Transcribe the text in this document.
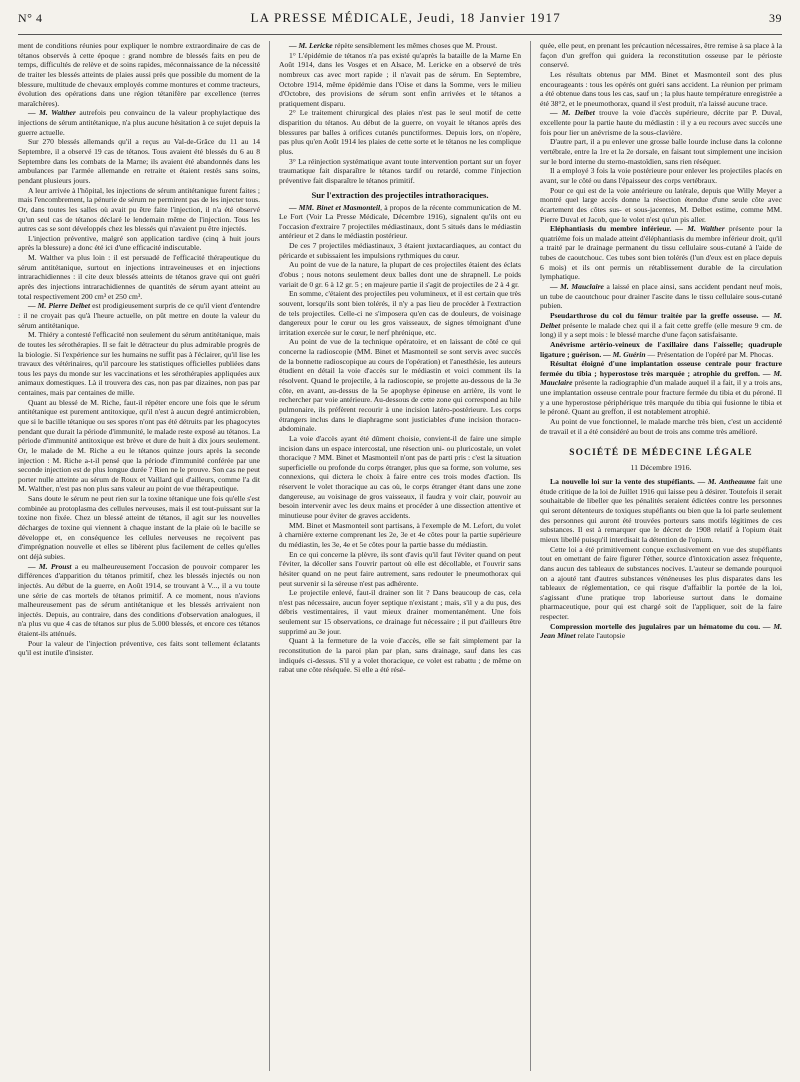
N° 4	LA PRESSE MÉDICALE, Jeudi, 18 Janvier 1917	39

ment de conditions réunies pour expliquer le nombre extraordinaire de cas de tétanos observés à cette époque : grand nombre de blessés faits en peu de temps, difficultés de relève et de soins rapides, méconnaissance de la nécessité de traiter les blessés atteints de plaies aussi près que possible du moment de la blessure, multitude de chevaux employés comme montures et comme tracteurs, évolution des opérations dans une région tétanifère par excellence (terres maraîchères).

— M. Walther autrefois peu convaincu de la valeur prophylactique des injections de sérum antitétanique, n'a plus aucune hésitation à ce sujet depuis la guerre actuelle.

Sur 270 blessés allemands qu'il a reçus au Val-de-Grâce du 11 au 14 Septembre, il a observé 19 cas de tétanos. Tous avaient été blessés du 6 au 8 Septembre dans les combats de la Marne; ils avaient été abandonnés dans les ambulances par l'armée allemande en retraite et étaient restés sans soins, pendant plusieurs jours.

A leur arrivée à l'hôpital, les injections de sérum antitétanique furent faites ; mais l'encombrement, la pénurie de sérum ne permirent pas de les injecter tous. Or, dans toutes les salles où avait pu être faite l'injection, il n'a été observé qu'un seul cas de tétanos déclaré le lendemain même de l'injection. Tous les autres cas se sont développés chez les blessés qui n'avaient pu être injectés.

L'injection préventive, malgré son application tardive (cinq à huit jours après la blessure) a donc été ici d'une efficacité indiscutable.

M. Walther va plus loin : il est persuadé de l'efficacité thérapeutique du sérum antitétanique, surtout en injections intraveineuses et en injections intrarachidiennes : il cite deux blessés atteints de tétanos grave qui ont guéri après des injections intrarachidiennes de quantités de sérum ayant atteint au total respectivement 200 cm³ et 250 cm³.

— M. Pierre Delbet est prodigieusement surpris de ce qu'il vient d'entendre : il ne croyait pas qu'à l'heure actuelle, on pût mettre en doute la valeur du sérum antitétanique.

M. Thiéry a contesté l'efficacité non seulement du sérum antitétanique, mais de toutes les sérothérapies. Il se fait le détracteur du plus admirable progrès de la biologie. Si l'expérience sur les humains ne suffit pas à l'éclairer, qu'il lise les travaux des vétérinaires, qu'il parcoure les statistiques officielles publiées dans tous les pays du monde sur les vaccinations et les sérothérapies appliquées aux animaux domestiques. Là il trouvera des cas, non pas par dizaines, non pas par centaines, mais par centaines de mille.

Quant au blessé de M. Riche, faut-il répéter encore une fois que le sérum antitétanique est purement antitoxique, qu'il n'est à aucun degré antimicrobien, que si le bacille tétanique ou ses spores n'ont pas été détruits par les phagocytes pendant que durait la période d'immunité, le malade reste exposé au tétanos. La période d'immunité antitoxique est brève et dure de huit à dix jours seulement. Or, le malade de M. Riche a eu le tétanos quinze jours après la seconde injection : M. Riche a-t-il pensé que la période d'immunité conférée par une seconde injection est de plus longue durée ? Rien ne le prouve. Son cas ne peut porter nulle atteinte au sérum de Roux et Vaillard qui d'ailleurs, comme l'a dit M. Walther, n'est pas non plus sans valeur au point de vue thérapeutique.

Sans doute le sérum ne peut rien sur la toxine tétanique une fois qu'elle s'est combinée au protoplasma des cellules nerveuses, mais il est tout-puissant sur la toxine non fixée. Chez un blessé atteint de tétanos, il agit sur les nouvelles décharges de toxine qui viennent à chaque instant de la plaie où le bacille se développe et, en conséquence les cellules nerveuses ne reçoivent pas d'imprégnation nouvelle et elles se libèrent plus facilement de celles qu'elles ont déjà subies.

— M. Proust a eu malheureusement l'occasion de pouvoir comparer les différences d'apparition du tétanos primitif, chez les blessés injectés ou non injectés. Au début de la guerre, en Août 1914, se trouvant à V..., il a vu toute une série de cas mortels de tétanos primitif. A ce moment, nous n'avions malheureusement pas de sérum antitétanique et les blessés arrivaient non injectés. Depuis, au contraire, dans des conditions d'observation analogues, il n'a plus vu que 4 cas de tétanos sur plus de 5.000 blessés, et encore ces tétanos étaient-ils atténués.

Pour la valeur de l'injection préventive, ces faits sont tellement éclatants qu'il est inutile d'insister.

— M. Lericke répète sensiblement les mêmes choses que M. Proust.

1° L'épidémie de tétanos n'a pas existé qu'après la bataille de la Marne En Août 1914, dans les Vosges et en Alsace, M. Lericke en a observé de très nombreux cas avec mort rapide ; il n'avait pas de sérum. En Septembre, Octobre 1914, même épidémie dans l'Oise et dans la Somme, vers le milieu d'Octobre, des provisions de sérum sont enfin arrivées et le tétanos a pratiquement disparu.

2° Le traitement chirurgical des plaies n'est pas le seul motif de cette disparition du tétanos. Au début de la guerre, on voyait le tétanos après des blessures par balles à orifices cutanés punctiformes. Depuis lors, on n'opère, pas plus qu'en Août 1914 les plaies de cette sorte et le tétanos ne les complique plus.

3° La réinjection systématique avant toute intervention portant sur un foyer traumatique fait disparaître le tétanos tardif ou retardé, comme l'injection préventive fait disparaître le tétanos primitif.

Sur l'extraction des projectiles intrathoraciques.

— MM. Binet et Masmonteil, à propos de la récente communication de M. Le Fort (Voir La Presse Médicale, Décembre 1916), signalent qu'ils ont eu l'occasion d'extraire 7 projectiles médiastinaux, dont 5 situés dans le médiastin antérieur et 2 dans le médiastin postérieur.

De ces 7 projectiles médiastinaux, 3 étaient juxtacardiaques, au contact du péricarde et subissaient les impulsions rythmiques du cœur.

Au point de vue de la nature, la plupart de ces projectiles étaient des éclats d'obus ; nous notons seulement deux balles dont une de shrapnell. Le poids variait de 0 gr. 6 à 12 gr. 5 ; en majeure partie il s'agit de projectiles de 2 à 4 gr.

En somme, c'étaient des projectiles peu volumineux, et il est certain que très souvent, lorsqu'ils sont bien tolérés, il n'y a pas lieu de procéder à l'extraction de tels projectiles. Celle-ci ne s'imposera qu'en cas de douleurs, de voisinage dangereux pour le cœur ou les gros vaisseaux, de signes témoignant d'une irritation exercée sur le cœur, le nerf phrénique, etc.

Au point de vue de la technique opératoire, et en laissant de côté ce qui concerne la radioscopie (MM. Binet et Masmonteil se sont servis avec succès de la bonnette radioscopique au cours de l'opération) et l'anesthésie, les auteurs étudient en détail la voie d'accès sur le médiastin et voici comment ils la résolvent. Quand le projectile, à la radioscopie, se projette au-dessous de la 3e côte, en avant, au-dessus de la 5e apophyse épineuse en arrière, ils vont le rechercher par voie antérieure. Au-dessous de cette zone qui correspond au hile pulmonaire, ils préfèrent recourir à une incision latéro-postérieure. Les corps étrangers inclus dans le diaphragme sont justiciables d'une incision thoraco-abdominale.

La voie d'accès ayant été dûment choisie, convient-il de faire une simple incision dans un espace intercostal, une résection uni- ou pluricostale, un volet thoracique ? MM. Binet et Masmonteil n'ont pas de parti pris : c'est la situation superficielle ou profonde du corps étranger, plus que sa forme, son volume, ses connexions, qui dictera le choix à faire entre ces trois modes d'action. Ils réservent le volet thoracique au cas où, le corps étranger étant dans une zone dangereuse, au voisinage de gros vaisseaux, il faudra y voir clair, pouvoir au besoin intervenir avec les deux mains et procéder à une dissection attentive et minutieuse pour éviter de graves accidents.

MM. Binet et Masmonteil sont partisans, à l'exemple de M. Lefort, du volet à charnière externe comprenant les 2e, 3e et 4e côtes pour la partie supérieure du médiastin, les 3e, 4e et 5e côtes pour la partie basse du médiastin.

En ce qui concerne la plèvre, ils sont d'avis qu'il faut l'éviter quand on peut l'éviter, la décoller sans l'ouvrir partout où elle est décollable, et l'ouvrir sans hésiter quand on ne peut faire autrement, sans redouter le pneumothorax qui peut survenir si la séreuse n'est pas adhérente.

Le projectile enlevé, faut-il drainer son lit ? Dans beaucoup de cas, cela n'est pas nécessaire, aucun foyer septique n'existant ; mais, s'il y a du pus, des débris vestimentaires, il vaut mieux drainer momentanément. Une fois seulement sur 15 observations, ce drainage fut nécessaire ; il put d'ailleurs être supprimé au 3e jour.

Quant à la fermeture de la voie d'accès, elle se fait simplement par la reconstitution de la paroi plan par plan, sans drainage, sauf dans les cas indiqués ci-dessus. S'il y a volet thoracique, ce volet est rabattu ; de même on rabat une côte réséquée. Si elle a été résé-

quée, elle peut, en prenant les précaution nécessaires, être remise à sa place à la façon d'un greffon qui guidera la reconstitution osseuse par le périoste conservé.

Les résultats obtenus par MM. Binet et Masmonteil sont des plus encourageants : tous les opérés ont guéri sans accident. La réunion per primam a été obtenue dans tous les cas, sauf un ; la plus haute température enregistrée a été 38°2, et le pneumothorax, quand il s'est produit, n'a laissé aucune trace.

— M. Delbet trouve la voie d'accès supérieure, décrite par P. Duval, excellente pour la partie haute du médiastin : il y a eu recours avec succès une fois pour lier un anévrisme de la sous-clavière.

D'autre part, il a pu enlever une grosse balle lourde incluse dans la colonne vertébrale, entre la 1re et la 2e dorsale, en faisant tout simplement une incision sur le bord interne du sterno-mastoïdien, sans rien réséquer.

Il a employé 3 fois la voie postérieure pour enlever les projectiles placés en avant, sur le côté ou dans l'épaisseur des corps vertébraux.

Pour ce qui est de la voie antérieure ou latérale, depuis que Willy Meyer a montré quel large accès donne la résection étendue d'une seule côte avec écartement des côtes sus- et sous-jacentes, M. Delbet estime, comme MM. Pierre Duval et Jacob, que le volet n'est qu'un pis aller.

Eléphantiasis du membre inférieur. — M. Walther présente pour la quatrième fois un malade atteint d'éléphantiasis du membre inférieur droit, qu'il a traité par le drainage permanent du tissu cellulaire sous-cutané à l'aide de tubes de caoutchouc. Ces tubes sont bien tolérés (l'un d'eux est en place depuis 6 mois) et ils ont permis un rétablissement durable de la circulation lymphatique.

— M. Mauclaire a laissé en place ainsi, sans accident pendant neuf mois, un tube de caoutchouc pour drainer l'ascite dans le tissu cellulaire sous-cutané pubien.

Pseudarthrose du col du fémur traitée par la greffe osseuse. — M. Delbet présente le malade chez qui il a fait cette greffe (elle mesure 9 cm. de long) il y a sept mois : le blessé marche d'une façon satisfaisante.

Anévrisme artério-veineux de l'axillaire dans l'aisselle; quadruple ligature ; guérison. — M. Guérin — Présentation de l'opéré par M. Phocas.

Résultat éloigné d'une implantation osseuse centrale pour fracture fermée du tibia ; hyperostose très marquée ; atrophie du greffon. — M. Mauclaire présente la radiographie d'un malade auquel il a fait, il y a trois ans, une implantation osseuse centrale pour fracture fermée du tibia et du péroné. Il y a une hyperostose périphérique très marquée du tibia qui fusionne le tibia et le péroné. Quant au greffon, il est notablement atrophié.

Au point de vue fonctionnel, le malade marche très bien, c'est un accidenté de travail et il a été considéré au bout de trois ans comme très amélioré.

SOCIÉTÉ DE MÉDECINE LÉGALE

11 Décembre 1916.

La nouvelle loi sur la vente des stupéfiants. — M. Antheaume fait une étude critique de la loi de Juillet 1916 qui laisse peu à désirer. Toutefois il serait souhaitable de libeller que les pénalités seraient édictées contre les personnes qui seront détenteurs de toxiques stupéfiants ou bien que la loi parle seulement des personnes qui auront été trouvées porteurs sans motifs légitimes de ces substances. Il est à remarquer que le décret de 1908 relatif à l'opium était mieux libellé puisqu'il interdisait la détention de l'opium.

Cette loi a été primitivement conçue exclusivement en vue des stupéfiants tout en omettant de faire figurer l'éther, source d'intoxication assez fréquente, dans aucun des tableaux de substances nocives. L'auteur se demande pourquoi on a ajouté tant d'autres substances vénéneuses les plus disparates dans les tableaux de réglementation, ce qui risque d'affaiblir la portée de la loi, s'agissant d'une pratique trop laborieuse surtout dans le domaine pharmaceutique, pour qui est chargé soit de l'appliquer, soit de la faire respecter.

Compression mortelle des jugulaires par un hématome du cou. — M. Jean Minet relate l'autopsie
